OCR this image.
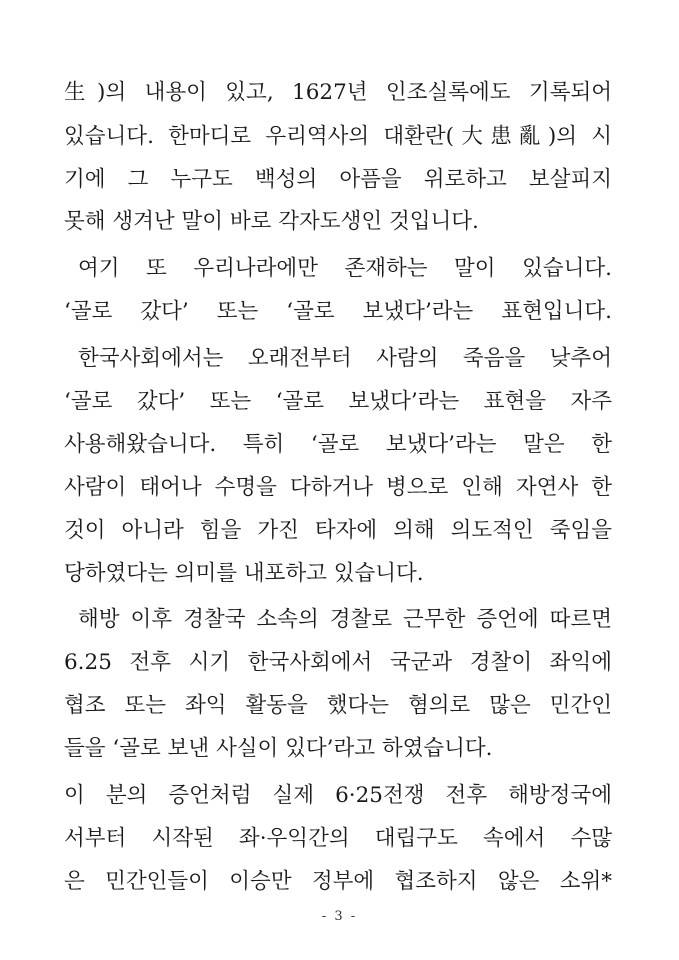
生)의 내용이 있고, 1627년 인조실록에도 기록되어
있습니다. 한마디로 우리역사의 대환란(大患亂)의 시
기에 그 누구도 백성의 아픔을 위로하고 보살피지
못해 생겨난 말이 바로 각자도생인 것입니다.
여기 또 우리나라에만 존재하는 말이 있습니다.
‘골로 갔다’ 또는 ‘골로 보냈다’라는 표현입니다.
한국사회에서는 오래전부터 사람의 죽음을 낮추어
‘골로 갔다’ 또는 ‘골로 보냈다’라는 표현을 자주
사용해왔습니다. 특히 ‘골로 보냈다’라는 말은 한
사람이 태어나 수명을 다하거나 병으로 인해 자연사 한
것이 아니라 힘을 가진 타자에 의해 의도적인 죽임을
당하였다는 의미를 내포하고 있습니다.
해방 이후 경찰국 소속의 경찰로 근무한 증언에 따르면
6.25 전후 시기 한국사회에서 국군과 경찰이 좌익에
협조 또는 좌익 활동을 했다는 혐의로 많은 민간인
들을 ‘골로 보낸 사실이 있다’라고 하였습니다.
이 분의 증언처럼 실제 6·25전쟁 전후 해방정국에
서부터 시작된 좌·우익간의 대립구도 속에서 수많
은 민간인들이 이승만 정부에 협조하지 않은 소위*
- 3 -
